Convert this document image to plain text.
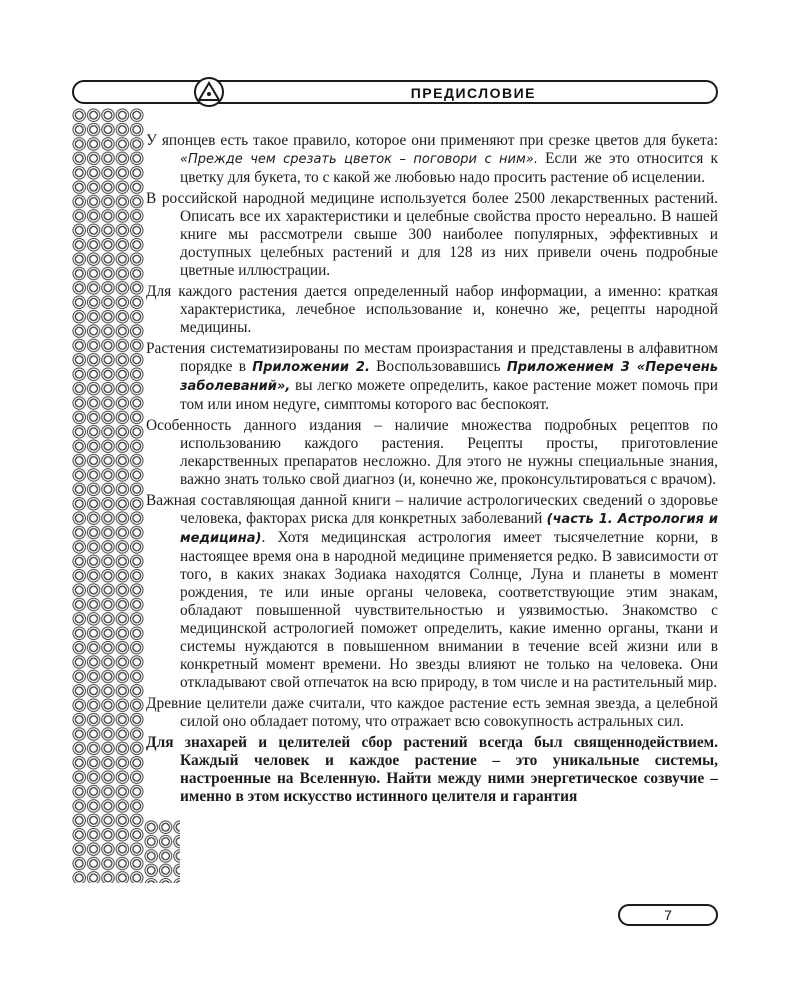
ПРЕДИСЛОВИЕ

У японцев есть такое правило, которое они применяют при срезке цветов для букета: «Прежде чем срезать цветок – поговори с ним». Если же это относится к цветку для букета, то с какой же любовью надо просить растение об исцелении.

В российской народной медицине используется более 2500 лекарственных растений. Описать все их характеристики и целебные свойства просто нереально. В нашей книге мы рассмотрели свыше 300 наиболее популярных, эффективных и доступных целебных растений и для 128 из них привели очень подробные цветные иллюстрации.

Для каждого растения дается определенный набор информации, а именно: краткая характеристика, лечебное использование и, конечно же, рецепты народной медицины.

Растения систематизированы по местам произрастания и представлены в алфавитном порядке в Приложении 2. Воспользовавшись Приложением 3 «Перечень заболеваний», вы легко можете определить, какое растение может помочь при том или ином недуге, симптомы которого вас беспокоят.

Особенность данного издания – наличие множества подробных рецептов по использованию каждого растения. Рецепты просты, приготовление лекарственных препаратов несложно. Для этого не нужны специальные знания, важно знать только свой диагноз (и, конечно же, проконсультироваться с врачом).

Важная составляющая данной книги – наличие астрологических сведений о здоровье человека, факторах риска для конкретных заболеваний (часть 1. Астрология и медицина). Хотя медицинская астрология имеет тысячелетние корни, в настоящее время она в народной медицине применяется редко. В зависимости от того, в каких знаках Зодиака находятся Солнце, Луна и планеты в момент рождения, те или иные органы человека, соответствующие этим знакам, обладают повышенной чувствительностью и уязвимостью. Знакомство с медицинской астрологией поможет определить, какие именно органы, ткани и системы нуждаются в повышенном внимании в течение всей жизни или в конкретный момент времени. Но звезды влияют не только на человека. Они откладывают свой отпечаток на всю природу, в том числе и на растительный мир.

Древние целители даже считали, что каждое растение есть земная звезда, а целебной силой оно обладает потому, что отражает всю совокупность астральных сил.

Для знахарей и целителей сбор растений всегда был священнодействием. Каждый человек и каждое растение – это уникальные системы, настроенные на Вселенную. Найти между ними энергетическое созвучие – именно в этом искусство истинного целителя и гарантия

7
